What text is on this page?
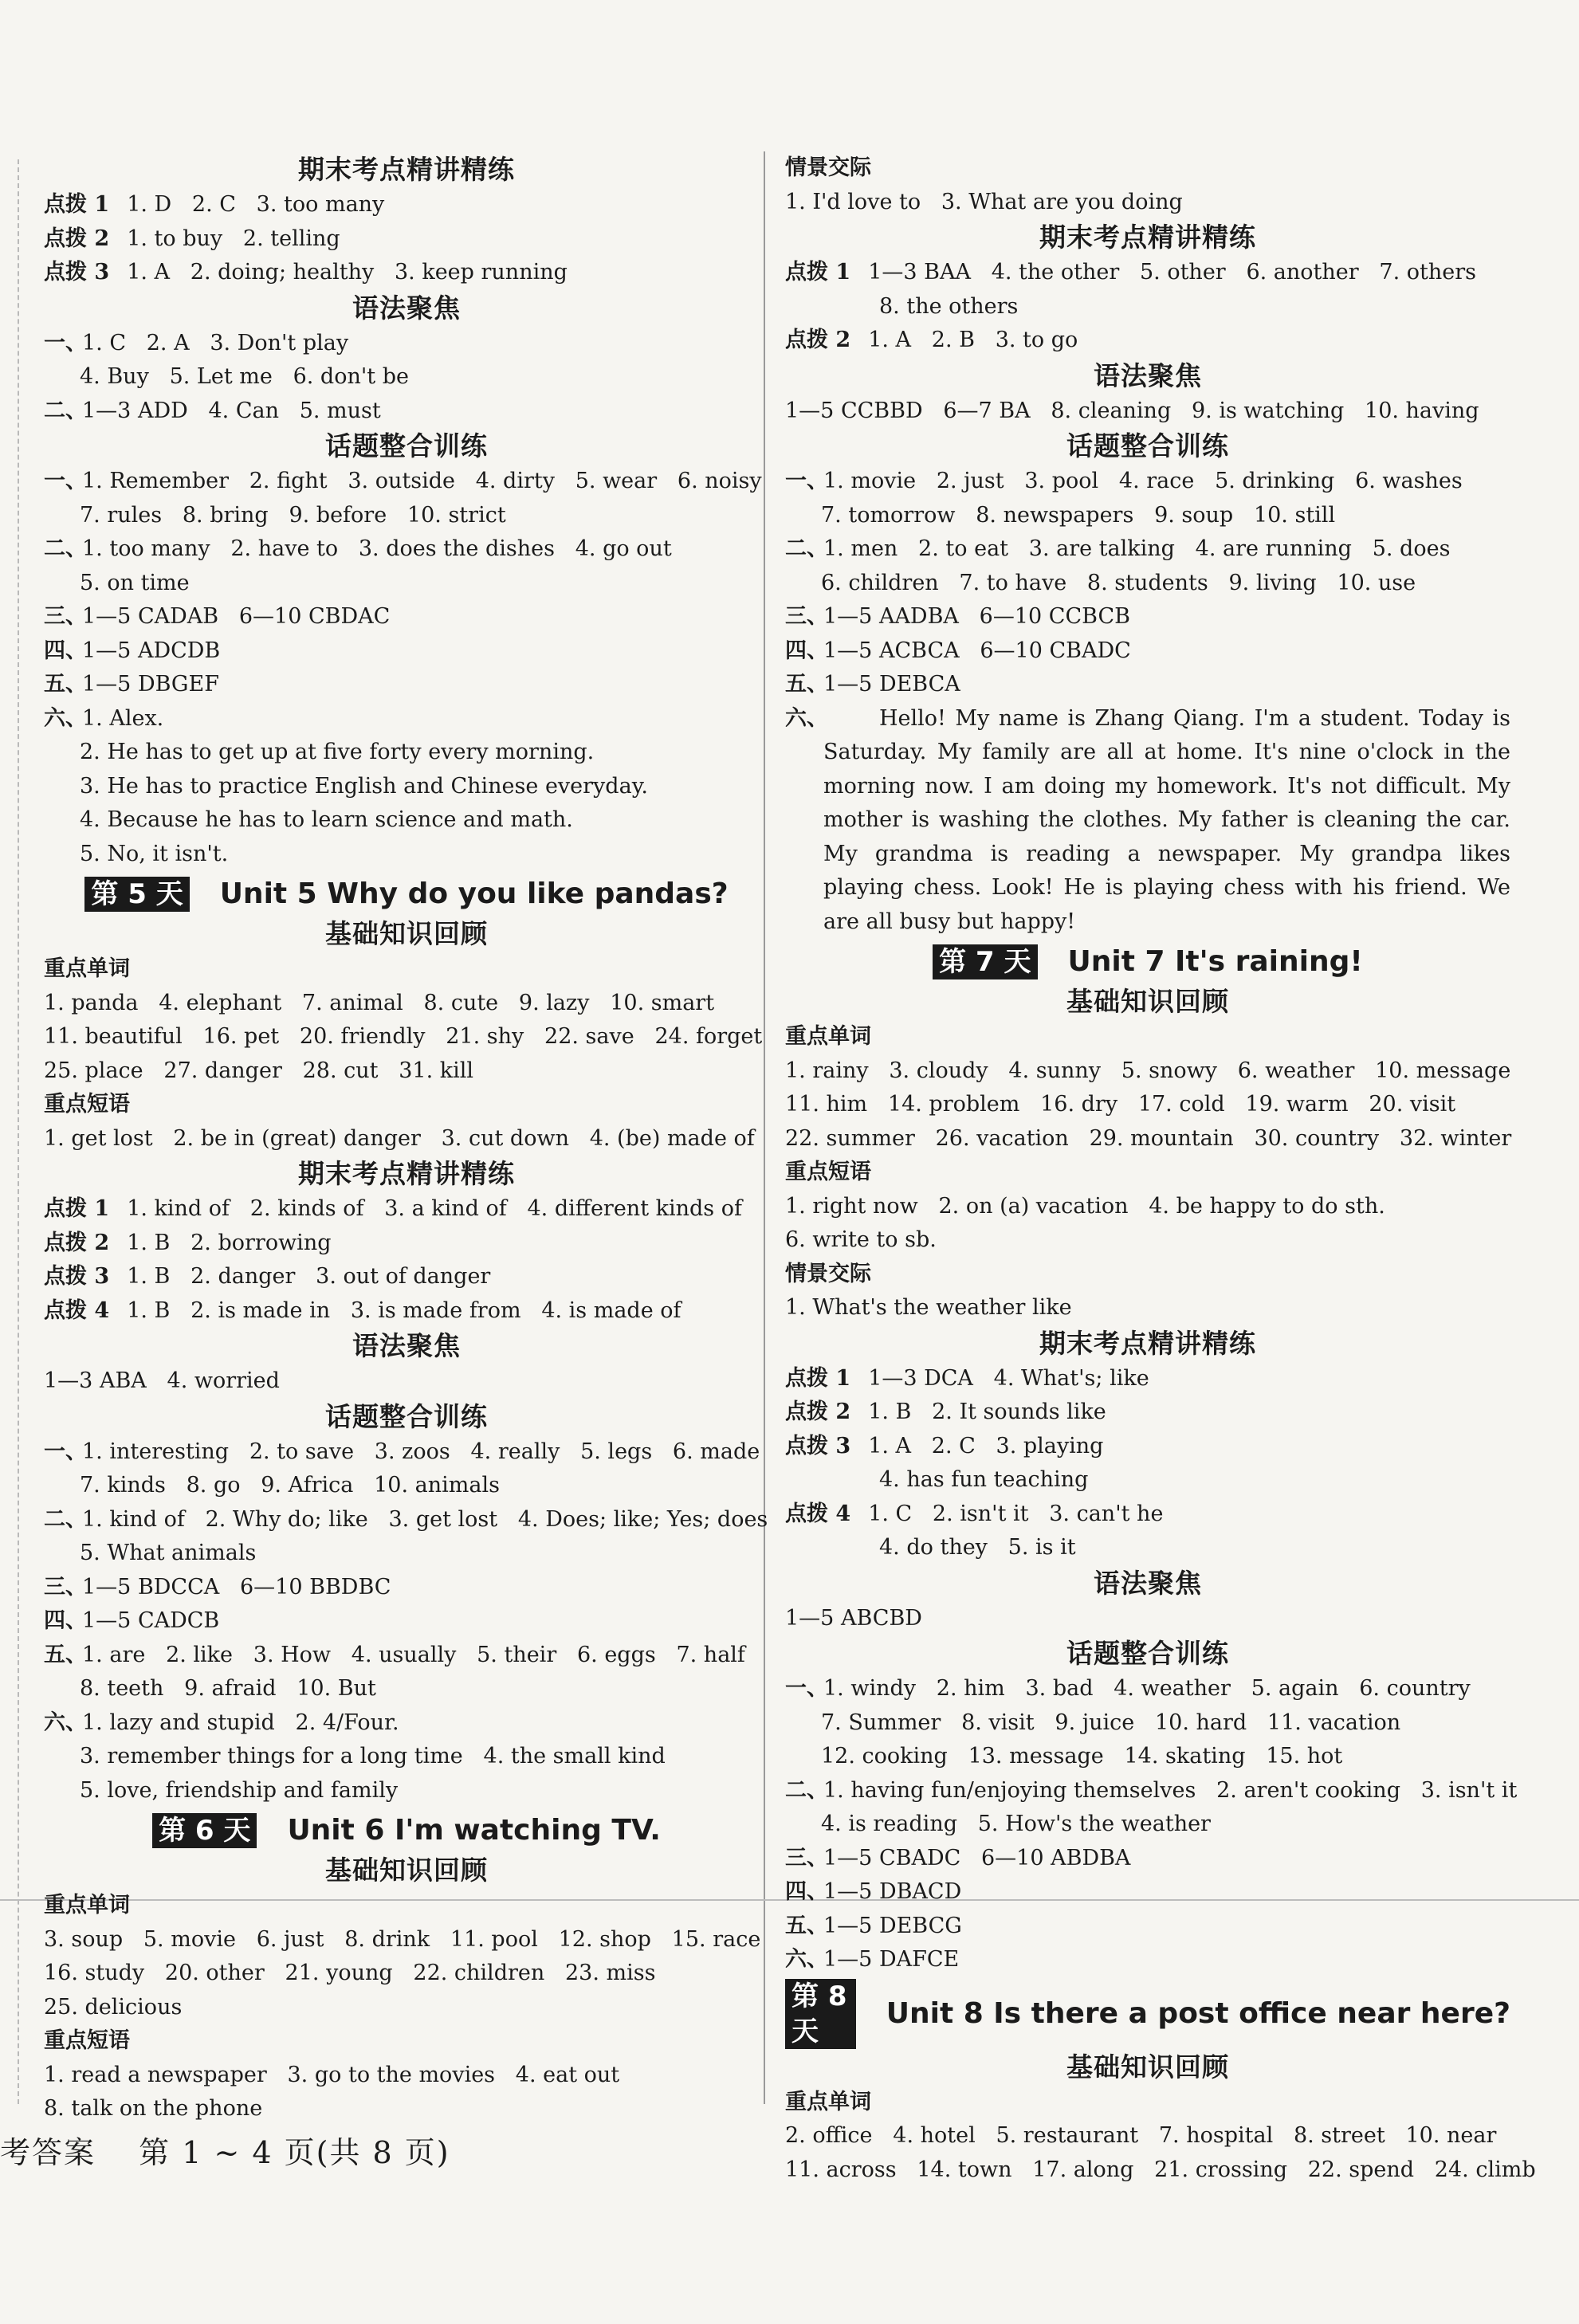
期末考点精讲精练
点拨 1 1. D   2. C   3. too many
点拨 2 1. to buy   2. telling
点拨 3 1. A   2. doing; healthy   3. keep running
语法聚焦
一、1. C   2. A   3. Don't play
4. Buy   5. Let me   6. don't be
二、1—3 ADD   4. Can   5. must
话题整合训练
一、1. Remember   2. fight   3. outside   4. dirty   5. wear   6. noisy
7. rules   8. bring   9. before   10. strict
二、1. too many   2. have to   3. does the dishes   4. go out
5. on time
三、1—5 CADAB   6—10 CBDAC
四、1—5 ADCDB
五、1—5 DBGEF
六、1. Alex.
2. He has to get up at five forty every morning.
3. He has to practice English and Chinese everyday.
4. Because he has to learn science and math.
5. No, it isn't.
第 5 天 Unit 5 Why do you like pandas?
基础知识回顾
重点单词
1. panda   4. elephant   7. animal   8. cute   9. lazy   10. smart
11. beautiful   16. pet   20. friendly   21. shy   22. save   24. forget
25. place   27. danger   28. cut   31. kill
重点短语
1. get lost   2. be in (great) danger   3. cut down   4. (be) made of
期末考点精讲精练
点拨 1 1. kind of   2. kinds of   3. a kind of   4. different kinds of
点拨 2 1. B   2. borrowing
点拨 3 1. B   2. danger   3. out of danger
点拨 4 1. B   2. is made in   3. is made from   4. is made of
语法聚焦
1—3 ABA   4. worried
话题整合训练
一、1. interesting   2. to save   3. zoos   4. really   5. legs   6. made
7. kinds   8. go   9. Africa   10. animals
二、1. kind of   2. Why do; like   3. get lost   4. Does; like; Yes; does
5. What animals
三、1—5 BDCCA   6—10 BBDBC
四、1—5 CADCB
五、1. are   2. like   3. How   4. usually   5. their   6. eggs   7. half
8. teeth   9. afraid   10. But
六、1. lazy and stupid   2. 4/Four.
3. remember things for a long time   4. the small kind
5. love, friendship and family
第 6 天 Unit 6 I'm watching TV.
基础知识回顾
重点单词
3. soup   5. movie   6. just   8. drink   11. pool   12. shop   15. race
16. study   20. other   21. young   22. children   23. miss
25. delicious
重点短语
1. read a newspaper   3. go to the movies   4. eat out
8. talk on the phone
情景交际
1. I'd love to   3. What are you doing
期末考点精讲精练
点拨 1 1—3 BAA   4. the other   5. other   6. another   7. others
8. the others
点拨 2 1. A   2. B   3. to go
语法聚焦
1—5 CCBBD   6—7 BA   8. cleaning   9. is watching   10. having
话题整合训练
一、1. movie   2. just   3. pool   4. race   5. drinking   6. washes
7. tomorrow   8. newspapers   9. soup   10. still
二、1. men   2. to eat   3. are talking   4. are running   5. does
6. children   7. to have   8. students   9. living   10. use
三、1—5 AADBA   6—10 CCBCB
四、1—5 ACBCA   6—10 CBADC
五、1—5 DEBCA
六、	Hello! My name is Zhang Qiang. I'm a student. Today is Saturday. My family are all at home. It's nine o'clock in the morning now. I am doing my homework. It's not difficult. My mother is washing the clothes. My father is cleaning the car. My grandma is reading a newspaper. My grandpa likes playing chess. Look! He is playing chess with his friend. We are all busy but happy!
第 7 天 Unit 7 It's raining!
基础知识回顾
重点单词
1. rainy   3. cloudy   4. sunny   5. snowy   6. weather   10. message
11. him   14. problem   16. dry   17. cold   19. warm   20. visit
22. summer   26. vacation   29. mountain   30. country   32. winter
重点短语
1. right now   2. on (a) vacation   4. be happy to do sth.
6. write to sb.
情景交际
1. What's the weather like
期末考点精讲精练
点拨 1 1—3 DCA   4. What's; like
点拨 2 1. B   2. It sounds like
点拨 3 1. A   2. C   3. playing
4. has fun teaching
点拨 4 1. C   2. isn't it   3. can't he
4. do they   5. is it
语法聚焦
1—5 ABCBD
话题整合训练
一、1. windy   2. him   3. bad   4. weather   5. again   6. country
7. Summer   8. visit   9. juice   10. hard   11. vacation
12. cooking   13. message   14. skating   15. hot
二、1. having fun/enjoying themselves   2. aren't cooking   3. isn't it
4. is reading   5. How's the weather
三、1—5 CBADC   6—10 ABDBA
四、1—5 DBACD
五、1—5 DEBCG
六、1—5 DAFCE
第 8 天
Unit 8 Is there a post office near here?
基础知识回顾
重点单词
2. office   4. hotel   5. restaurant   7. hospital   8. street   10. near
11. across   14. town   17. along   21. crossing   22. spend   24. climb
考答案 第 1 ~ 4 页(共 8 页)
